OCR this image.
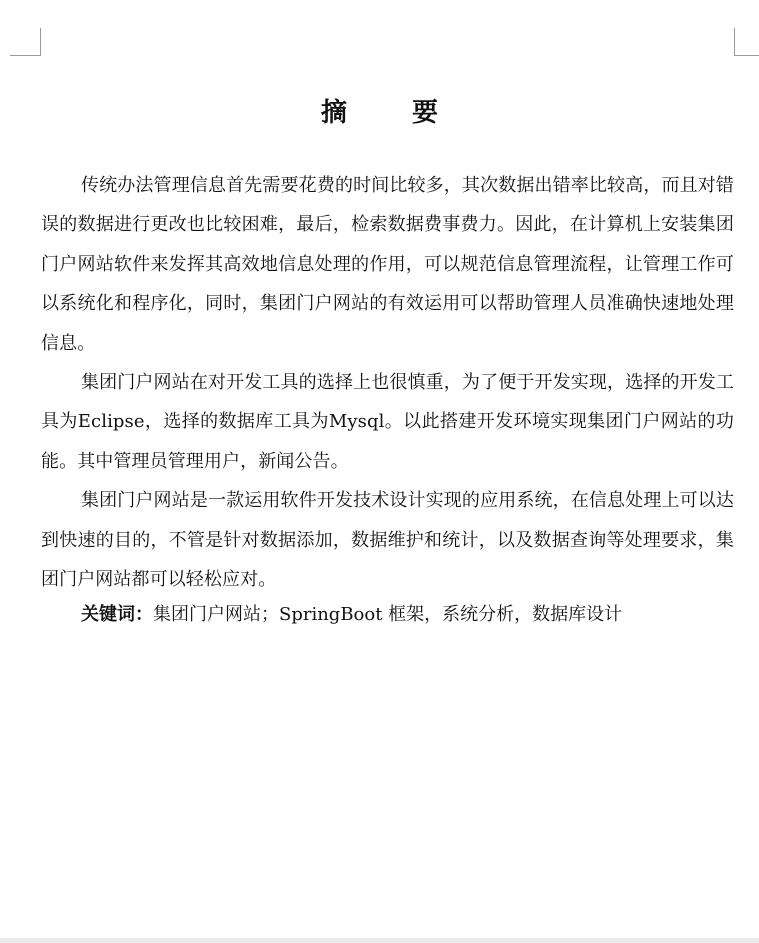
摘 要

传统办法管理信息首先需要花费的时间比较多，其次数据出错率比较高，而且对错误的数据进行更改也比较困难，最后，检索数据费事费力。因此，在计算机上安装集团门户网站软件来发挥其高效地信息处理的作用，可以规范信息管理流程，让管理工作可以系统化和程序化，同时，集团门户网站的有效运用可以帮助管理人员准确快速地处理信息。

集团门户网站在对开发工具的选择上也很慎重，为了便于开发实现，选择的开发工具为Eclipse，选择的数据库工具为Mysql。以此搭建开发环境实现集团门户网站的功能。其中管理员管理用户，新闻公告。

集团门户网站是一款运用软件开发技术设计实现的应用系统，在信息处理上可以达到快速的目的，不管是针对数据添加，数据维护和统计，以及数据查询等处理要求，集团门户网站都可以轻松应对。

关键词：集团门户网站；SpringBoot 框架，系统分析，数据库设计
